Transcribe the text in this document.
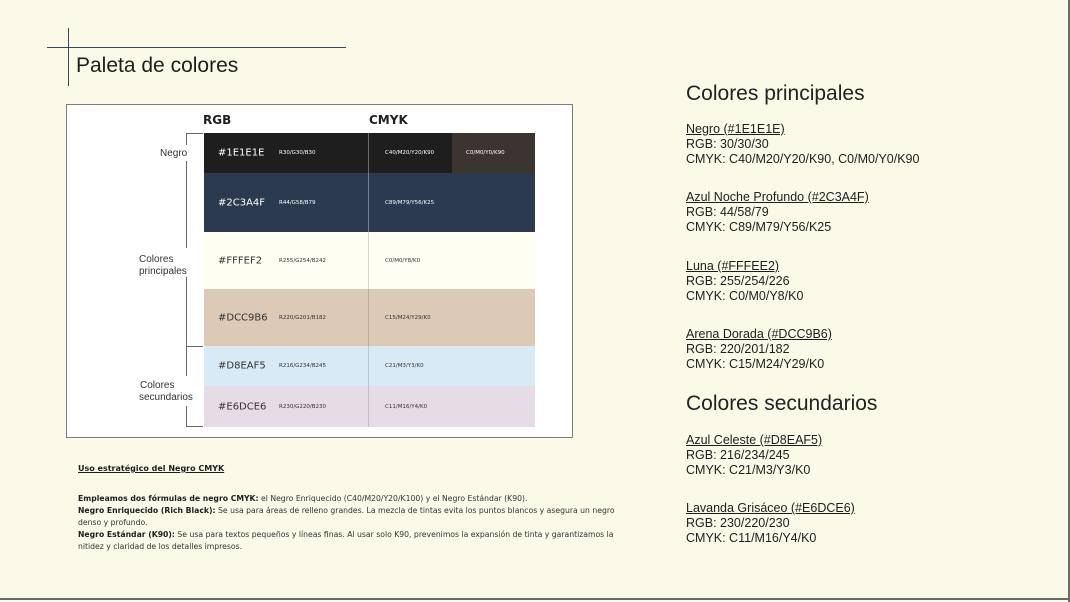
Paleta de colores
RGB	CMYK
#1E1E1E	R30/G30/B30	C40/M20/Y20/K90	C0/M0/Y0/K90
#2C3A4F	R44/G58/B79	C89/M79/Y56/K25
#FFFEF2	R255/G254/B242	C0/M0/Y8/K0
#DCC9B6 R220/G201/B182	C15/M24/Y29/K0
#D8EAF5 R216/G234/B245	C21/M3/Y3/K0
#E6DCE6 R230/G220/B230	C11/M16/Y4/K0
Negro
Colores
principales
Colores
secundarios
Uso estratégico del Negro CMYK
Empleamos dos fórmulas de negro CMYK: el Negro Enriquecido (C40/M20/Y20/K100) y el Negro Estándar (K90).
Negro Enriquecido (Rich Black): Se usa para áreas de relleno grandes. La mezcla de tintas evita los puntos blancos y asegura un negro denso y profundo.
Negro Estándar (K90): Se usa para textos pequeños y líneas finas. Al usar solo K90, prevenimos la expansión de tinta y garantizamos la nitidez y claridad de los detalles impresos.
Colores principales
Negro (#1E1E1E)
RGB: 30/30/30
CMYK: C40/M20/Y20/K90, C0/M0/Y0/K90
Azul Noche Profundo (#2C3A4F)
RGB: 44/58/79
CMYK: C89/M79/Y56/K25
Luna (#FFFEE2)
RGB: 255/254/226
CMYK: C0/M0/Y8/K0
Arena Dorada (#DCC9B6)
RGB: 220/201/182
CMYK: C15/M24/Y29/K0
Colores secundarios
Azul Celeste (#D8EAF5)
RGB: 216/234/245
CMYK: C21/M3/Y3/K0
Lavanda Grisáceo (#E6DCE6)
RGB: 230/220/230
CMYK: C11/M16/Y4/K0
